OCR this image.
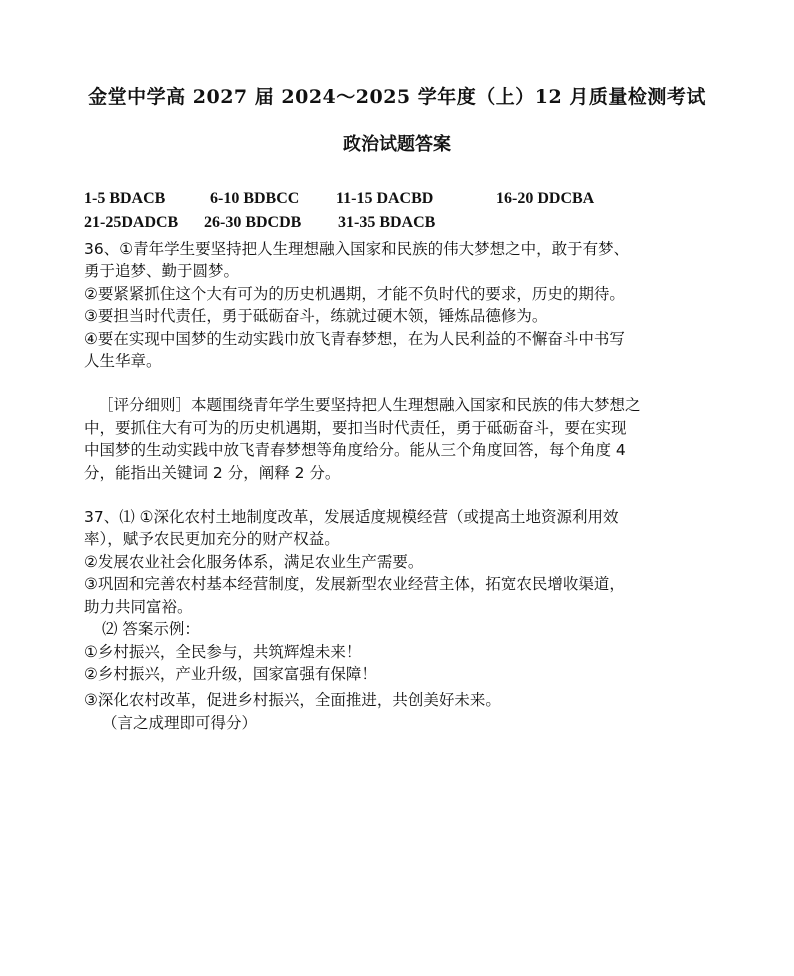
金堂中学高 2027 届 2024～2025 学年度（上）12 月质量检测考试
政治试题答案
1-5 BDACB	6-10 BDBCC 11-15 DACBD	16-20 DDCBA
21-25DADCB 26-30 BDCDB 31-35 BDACB

36、①青年学生要坚持把人生理想融入国家和民族的伟大梦想之中，敢于有梦、

勇于追梦、勤于圆梦。

②要紧紧抓住这个大有可为的历史机遇期，才能不负时代的要求，历史的期待。

③要担当时代责任，勇于砥砺奋斗，练就过硬木领，锤炼品德修为。

④要在实现中国梦的生动实践巾放飞青春梦想，在为人民利益的不懈奋斗中书写

人生华章。

［评分细则］本题围绕青年学生要坚持把人生理想融入国家和民族的伟大梦想之

中，要抓住大有可为的历史机遇期，要扣当时代责任，勇于砥砺奋斗，要在实现

中国梦的生动实践中放飞青春梦想等角度给分。能从三个角度回答，每个角度 4

分，能指出关键词 2 分，阐释 2 分。

37、⑴ ①深化农村土地制度改革，发展适度规模经营（或提高土地资源利用效

率），赋予农民更加充分的财产权益。

②发展农业社会化服务体系，满足农业生产需要。

③巩固和完善农村基本经营制度，发展新型农业经营主体，拓宽农民增收渠道，

助力共同富裕。

⑵ 答案示例：

①乡村振兴，全民参与，共筑辉煌未来！

②乡村振兴，产业升级，国家富强有保障！

③深化农村改革，促进乡村振兴，全面推进，共创美好未来。

（言之成理即可得分）
